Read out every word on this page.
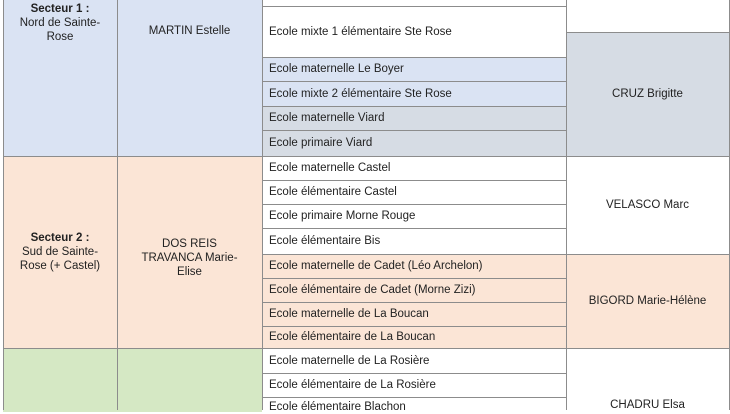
Secteur 1 :
Nord de Sainte-Rose	MARTIN Estelle
Secteur 2 :
Sud de Sainte-Rose (+ Castel)
DOS REIS TRAVANCA Marie-Elise
Ecole mixte 1 élémentaire Ste Rose
Ecole maternelle Le Boyer
Ecole mixte 2 élémentaire Ste Rose
Ecole maternelle Viard
Ecole primaire Viard
Ecole maternelle Castel
Ecole élémentaire Castel
Ecole primaire Morne Rouge
Ecole élémentaire Bis
Ecole maternelle de Cadet (Léo Archelon)
Ecole élémentaire de Cadet (Morne Zizi)
Ecole maternelle de La Boucan
Ecole élémentaire de La Boucan
Ecole maternelle de La Rosière
Ecole élémentaire de La Rosière
Ecole élémentaire Blachon
CRUZ Brigitte
VELASCO Marc
BIGORD Marie-Hélène
CHADRU Elsa
